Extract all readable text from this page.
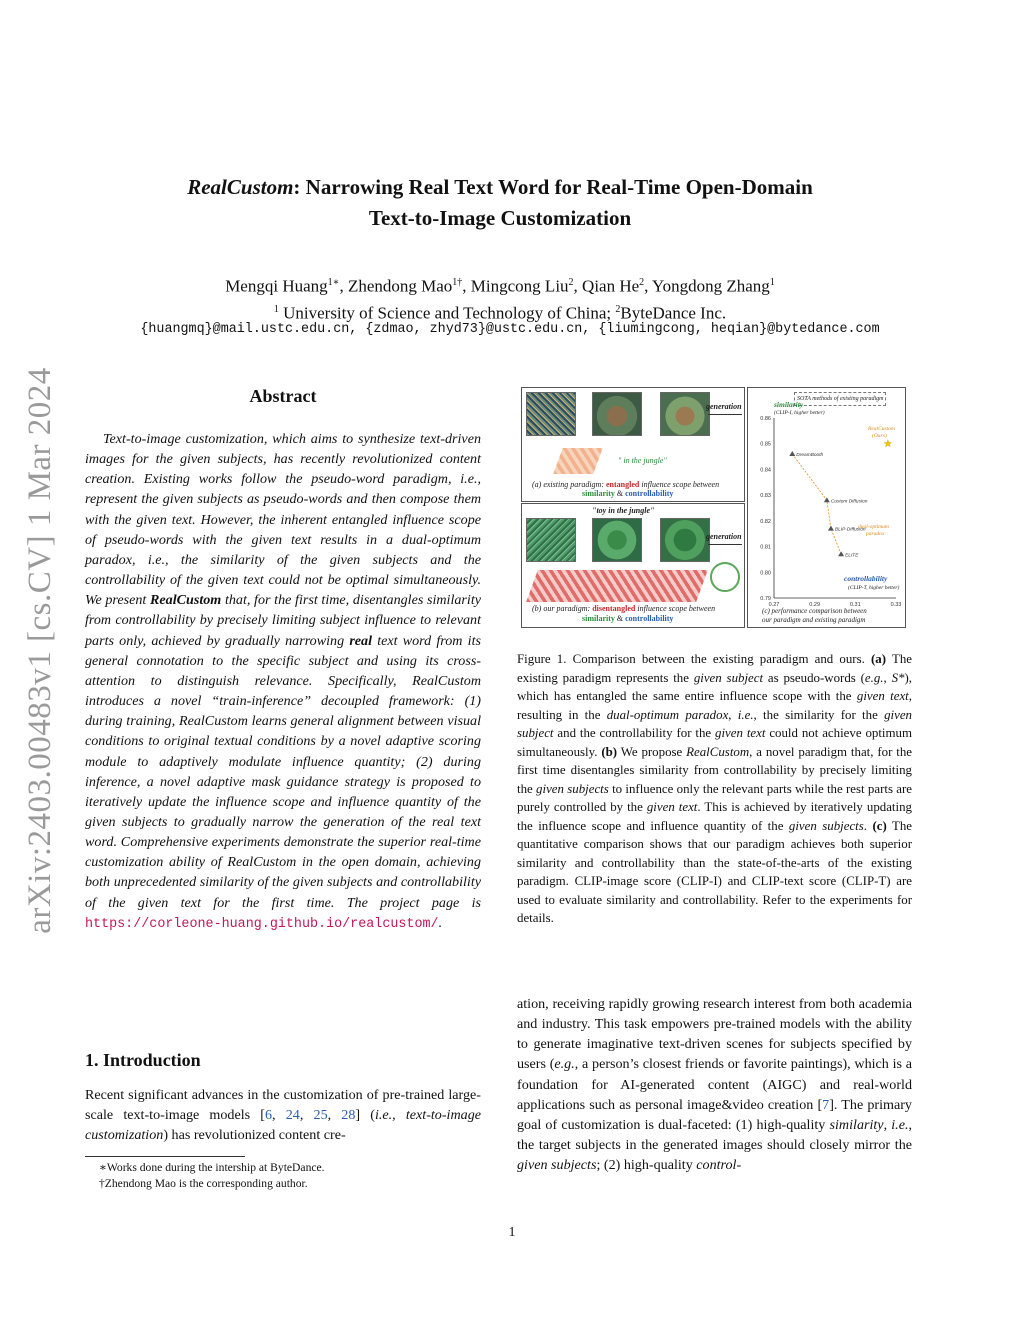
arXiv:2403.00483v1 [cs.CV] 1 Mar 2024
RealCustom: Narrowing Real Text Word for Real-Time Open-Domain
Text-to-Image Customization
Mengqi Huang$^{1∗}$, Zhendong Mao$^{1\dagger}$, Mingcong Liu$^2$, Qian He$^2$, Yongdong Zhang$^1$
$^1$ University of Science and Technology of China; $^2$ByteDance Inc.
{huangmq}@mail.ustc.edu.cn, {zdmao, zhyd73}@ustc.edu.cn, {liumingcong, heqian}@bytedance.com
Abstract
Text-to-image customization, which aims to synthesize text-driven images for the given subjects, has recently revolutionized content creation. Existing works follow the pseudo-word paradigm, i.e., represent the given subjects as pseudo-words and then compose them with the given text. However, the inherent entangled influence scope of pseudo-words with the given text results in a dual-optimum paradox, i.e., the similarity of the given subjects and the controllability of the given text could not be optimal simultaneously. We present RealCustom that, for the first time, disentangles similarity from controllability by precisely limiting subject influence to relevant parts only, achieved by gradually narrowing real text word from its general connotation to the specific subject and using its cross-attention to distinguish relevance. Specifically, RealCustom introduces a novel “train-inference” decoupled framework: (1) during training, RealCustom learns general alignment between visual conditions to original textual conditions by a novel adaptive scoring module to adaptively modulate influence quantity; (2) during inference, a novel adaptive mask guidance strategy is proposed to iteratively update the influence scope and influence quantity of the given subjects to gradually narrow the generation of the real text word. Comprehensive experiments demonstrate the superior real-time customization ability of RealCustom in the open domain, achieving both unprecedented similarity of the given subjects and controllability of the given text for the first time. The project page is https://corleone-huang.github.io/realcustom/.
1. Introduction
Recent significant advances in the customization of pre-trained large-scale text-to-image models [6, 24, 25, 28] (i.e., text-to-image customization) has revolutionized content cre-
∗Works done during the intership at ByteDance.
†Zhendong Mao is the corresponding author.
generation
" in the jungle"
(a) existing paradigm: entangled influence scope between
similarity & controllability
"toy in the jungle"
generation
(b) our paradigm: disentangled influence scope between
similarity & controllability
SOTA methods of existing paradigm
similarity
(CLIP-I, higher better)
0.79
0.80
0.81
0.82
0.83
0.84
0.85
0.86
0.27	0.29	0.31	0.33
DreamBooth
Custom Diffusion
BLIP-Diffusion
ELITE
controllability
(CLIP-T, higher better)
RealCustom
(Ours)
dual-optimum
paradox
(c) performance comparison between
our paradigm and existing paradigm
Figure 1. Comparison between the existing paradigm and ours. (a) The existing paradigm represents the given subject as pseudo-words (e.g., S*), which has entangled the same entire influence scope with the given text, resulting in the dual-optimum paradox, i.e., the similarity for the given subject and the controllability for the given text could not achieve optimum simultaneously. (b) We propose RealCustom, a novel paradigm that, for the first time disentangles similarity from controllability by precisely limiting the given subjects to influence only the relevant parts while the rest parts are purely controlled by the given text. This is achieved by iteratively updating the influence scope and influence quantity of the given subjects. (c) The quantitative comparison shows that our paradigm achieves both superior similarity and controllability than the state-of-the-arts of the existing paradigm. CLIP-image score (CLIP-I) and CLIP-text score (CLIP-T) are used to evaluate similarity and controllability. Refer to the experiments for details.
ation, receiving rapidly growing research interest from both academia and industry. This task empowers pre-trained models with the ability to generate imaginative text-driven scenes for subjects specified by users (e.g., a person’s closest friends or favorite paintings), which is a foundation for AI-generated content (AIGC) and real-world applications such as personal image&video creation [7]. The primary goal of customization is dual-faceted: (1) high-quality similarity, i.e., the target subjects in the generated images should closely mirror the given subjects; (2) high-quality control-
1
